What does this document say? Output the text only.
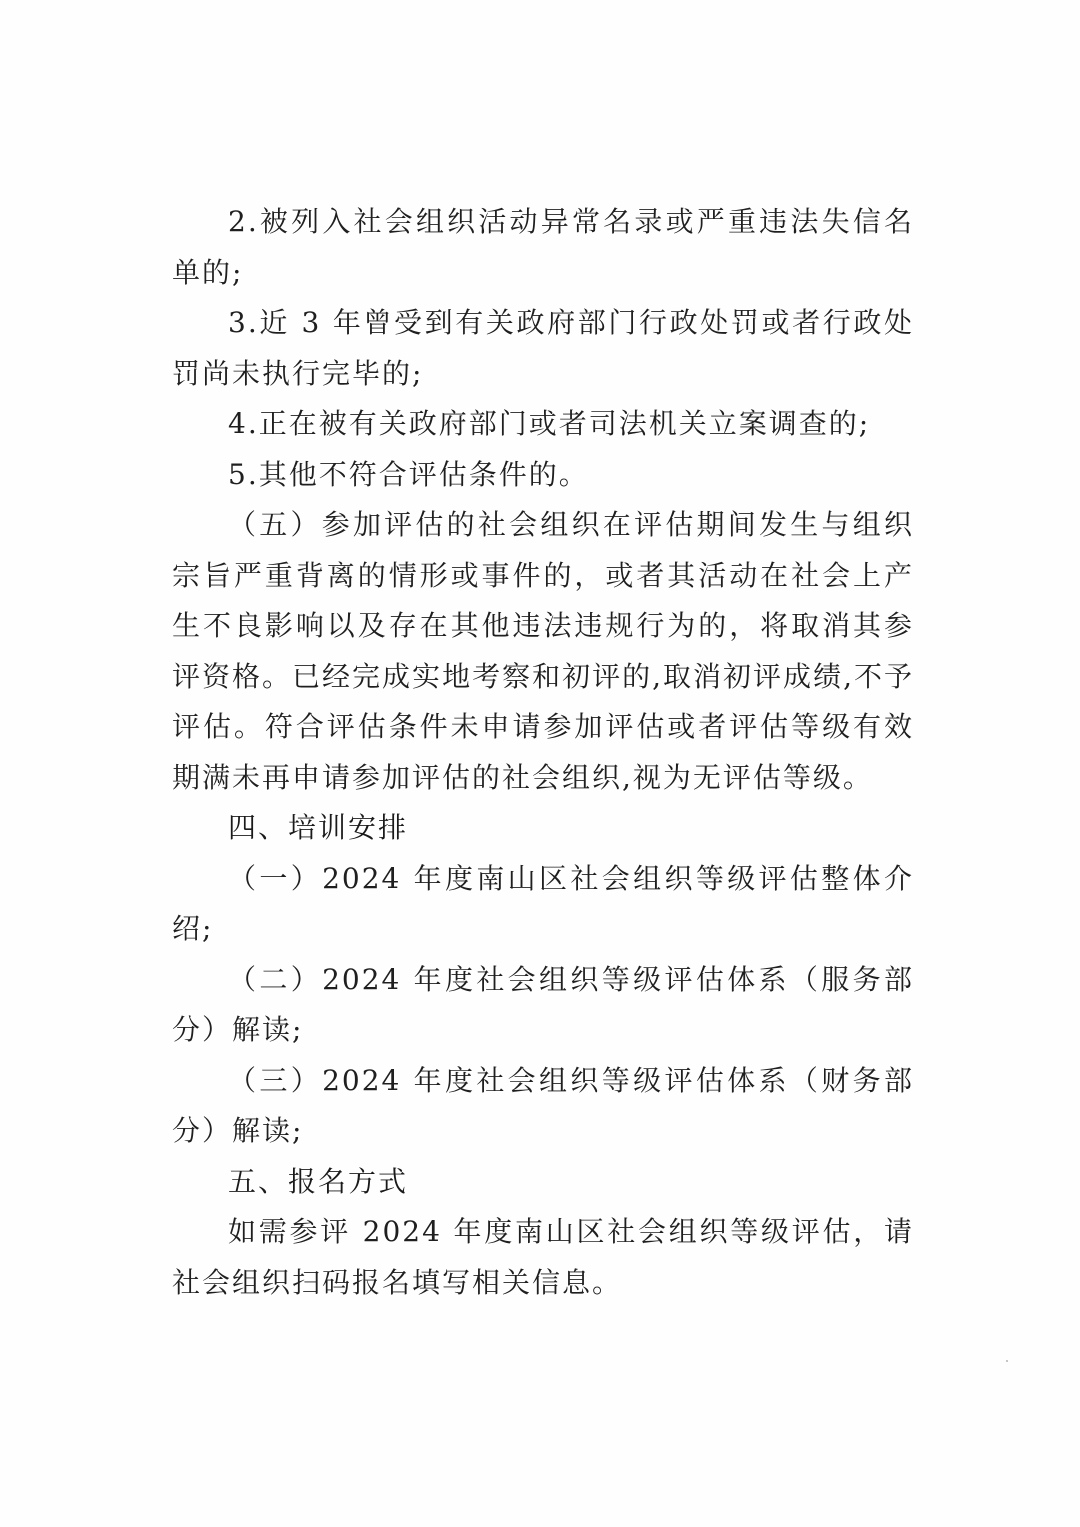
2.被列入社会组织活动异常名录或严重违法失信名单的;

3.近 3 年曾受到有关政府部门行政处罚或者行政处罚尚未执行完毕的;

4.正在被有关政府部门或者司法机关立案调查的;

5.其他不符合评估条件的。

（五）参加评估的社会组织在评估期间发生与组织宗旨严重背离的情形或事件的，或者其活动在社会上产生不良影响以及存在其他违法违规行为的，将取消其参评资格。已经完成实地考察和初评的,取消初评成绩,不予评估。符合评估条件未申请参加评估或者评估等级有效期满未再申请参加评估的社会组织,视为无评估等级。

四、培训安排

（一）2024 年度南山区社会组织等级评估整体介绍;

（二）2024 年度社会组织等级评估体系（服务部分）解读;

（三）2024 年度社会组织等级评估体系（财务部分）解读;

五、报名方式

如需参评 2024 年度南山区社会组织等级评估，请社会组织扫码报名填写相关信息。
